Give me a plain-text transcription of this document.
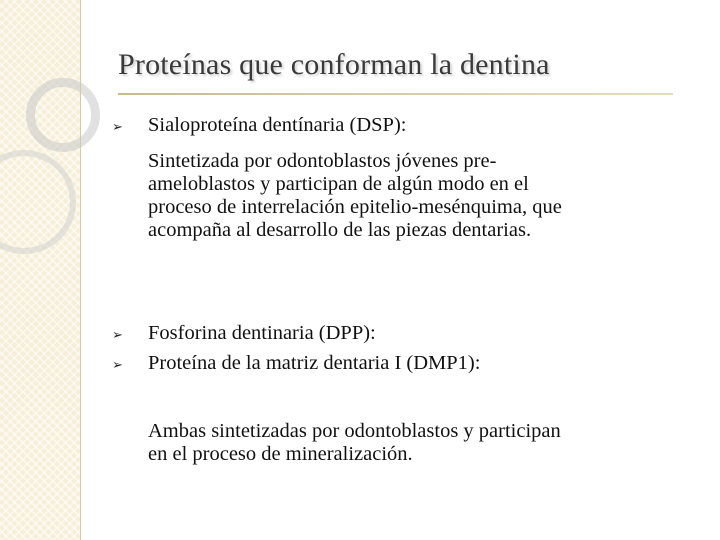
Proteínas que conforman la dentina
➢	Sialoproteína dentínaria (DSP):
Sintetizada por odontoblastos jóvenes pre-
ameloblastos y participan de algún modo en el
proceso de interrelación epitelio-mesénquima, que
acompaña al desarrollo de las piezas dentarias.
➢	Fosforina dentinaria (DPP):
➢	Proteína de la matriz dentaria I (DMP1):
Ambas sintetizadas por odontoblastos y participan
en el proceso de mineralización.
